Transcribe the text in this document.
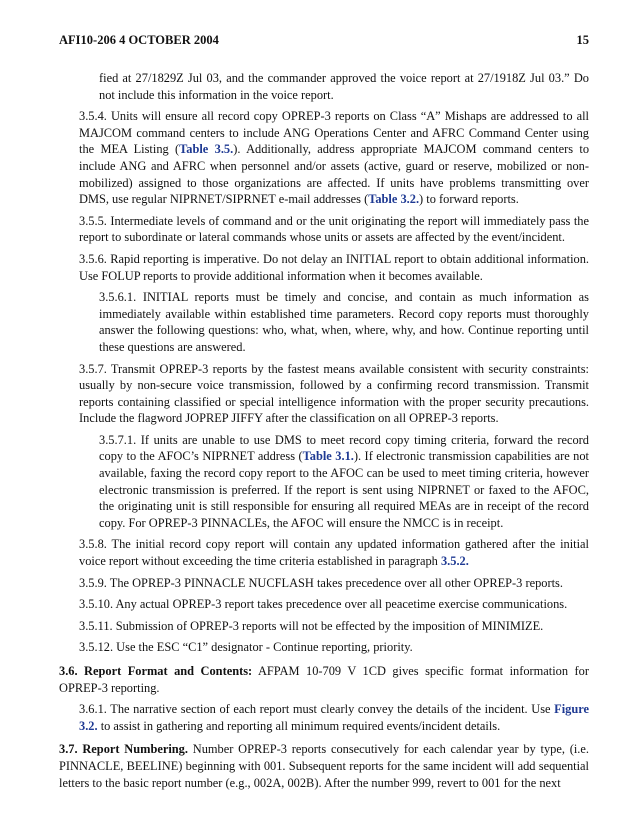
AFI10-206 4 OCTOBER 2004	15

fied at 27/1829Z Jul 03, and the commander approved the voice report at 27/1918Z Jul 03.” Do not include this information in the voice report.

3.5.4. Units will ensure all record copy OPREP-3 reports on Class “A” Mishaps are addressed to all MAJCOM command centers to include ANG Operations Center and AFRC Command Center using the MEA Listing (Table 3.5.). Additionally, address appropriate MAJCOM command centers to include ANG and AFRC when personnel and/or assets (active, guard or reserve, mobilized or non-mobilized) assigned to those organizations are affected. If units have problems transmitting over DMS, use regular NIPRNET/SIPRNET e-mail addresses (Table 3.2.) to forward reports.

3.5.5. Intermediate levels of command and or the unit originating the report will immediately pass the report to subordinate or lateral commands whose units or assets are affected by the event/incident.

3.5.6. Rapid reporting is imperative. Do not delay an INITIAL report to obtain additional information. Use FOLUP reports to provide additional information when it becomes available.

3.5.6.1. INITIAL reports must be timely and concise, and contain as much information as immediately available within established time parameters. Record copy reports must thoroughly answer the following questions: who, what, when, where, why, and how. Continue reporting until these questions are answered.

3.5.7. Transmit OPREP-3 reports by the fastest means available consistent with security constraints: usually by non-secure voice transmission, followed by a confirming record transmission. Transmit reports containing classified or special intelligence information with the proper security precautions. Include the flagword JOPREP JIFFY after the classification on all OPREP-3 reports.

3.5.7.1. If units are unable to use DMS to meet record copy timing criteria, forward the record copy to the AFOC’s NIPRNET address (Table 3.1.). If electronic transmission capabilities are not available, faxing the record copy report to the AFOC can be used to meet timing criteria, however electronic transmission is preferred. If the report is sent using NIPRNET or faxed to the AFOC, the originating unit is still responsible for ensuring all required MEAs are in receipt of the record copy. For OPREP-3 PINNACLEs, the AFOC will ensure the NMCC is in receipt.

3.5.8. The initial record copy report will contain any updated information gathered after the initial voice report without exceeding the time criteria established in paragraph 3.5.2.

3.5.9. The OPREP-3 PINNACLE NUCFLASH takes precedence over all other OPREP-3 reports.

3.5.10. Any actual OPREP-3 report takes precedence over all peacetime exercise communications.

3.5.11. Submission of OPREP-3 reports will not be effected by the imposition of MINIMIZE.

3.5.12. Use the ESC “C1” designator - Continue reporting, priority.

3.6. Report Format and Contents: AFPAM 10-709 V 1CD gives specific format information for OPREP-3 reporting.

3.6.1. The narrative section of each report must clearly convey the details of the incident. Use Figure 3.2. to assist in gathering and reporting all minimum required events/incident details.

3.7. Report Numbering. Number OPREP-3 reports consecutively for each calendar year by type, (i.e. PINNACLE, BEELINE) beginning with 001. Subsequent reports for the same incident will add sequential letters to the basic report number (e.g., 002A, 002B). After the number 999, revert to 001 for the next
